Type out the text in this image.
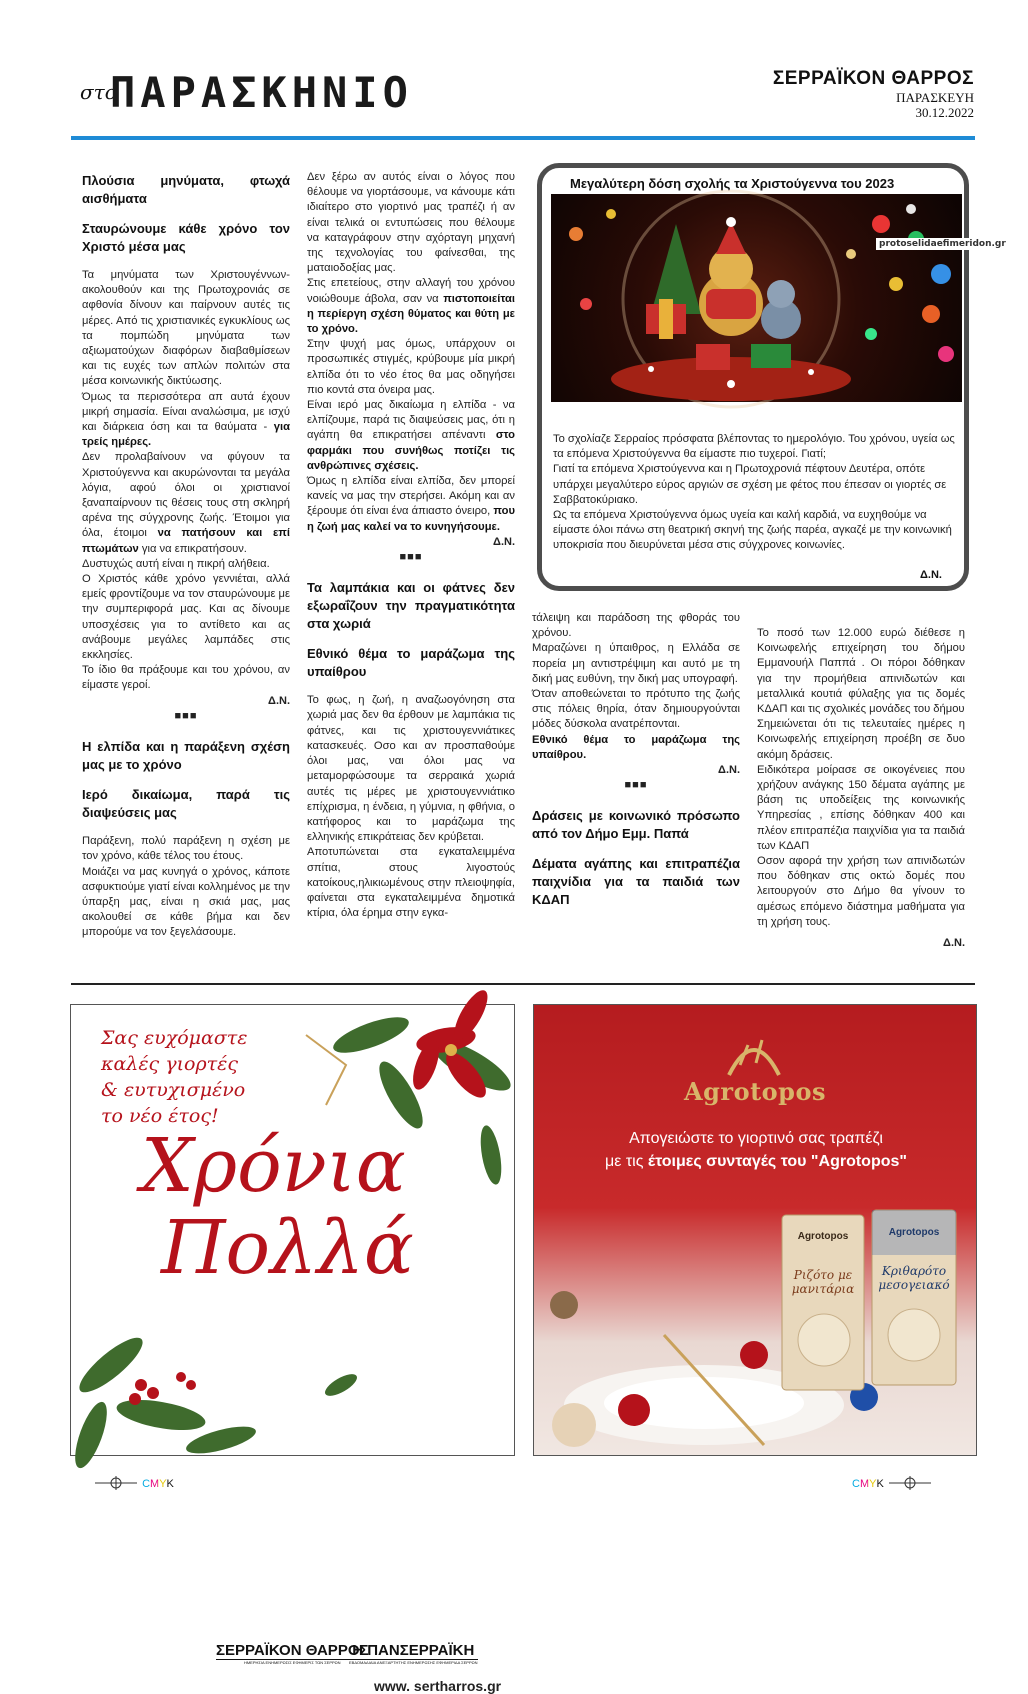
στο
ΠΑΡΑΣΚΗΝΙΟ	ΣΕΡΡΑΪΚΟΝ ΘΑΡΡΟΣ
ΠΑΡΑΣΚΕΥΗ
30.12.2022

Πλούσια μηνύματα, φτωχά αισθήματα

Σταυρώνουμε κάθε χρόνο τον Χριστό μέσα μας

Τα μηνύματα των Χριστουγέννων- ακολουθούν και της Πρωτοχρονιάς σε αφθονία δίνουν και παίρνουν αυτές τις μέρες. Από τις χριστιανικές εγκυκλίους ως τα πομπώδη μηνύματα των αξιωματούχων διαφόρων διαβαθμίσεων και τις ευχές των απλών πολιτών στα μέσα κοινωνικής δικτύωσης.

Όμως τα περισσότερα απ αυτά έχουν μικρή σημασία. Είναι αναλώσιμα, με ισχύ και διάρκεια όση και τα θαύματα - για τρείς ημέρες.

Δεν προλαβαίνουν να φύγουν τα Χριστούγεννα και ακυρώνονται τα μεγάλα λόγια, αφού όλοι οι χριστιανοί ξαναπαίρνουν τις θέσεις τους στη σκληρή αρένα της σύγχρονης ζωής. Έτοιμοι για όλα, έτοιμοι να πατήσουν και επί πτωμάτων για να επικρατήσουν.

Δυστυχώς αυτή είναι η πικρή αλήθεια.

Ο Χριστός κάθε χρόνο γεννιέται, αλλά εμείς φροντίζουμε να τον σταυρώνουμε με την συμπεριφορά μας. Και ας δίνουμε υποσχέσεις για το αντίθετο και ας ανάβουμε μεγάλες λαμπάδες στις εκκλησίες.

Το ίδιο θα πράξουμε και του χρόνου, αν είμαστε γεροί.

Δ.Ν.

■■■

Η ελπίδα και η παράξενη σχέση μας με το χρόνο

Ιερό δικαίωμα, παρά τις διαψεύσεις μας

Παράξενη, πολύ παράξενη η σχέση με τον χρόνο, κάθε τέλος του έτους.

Μοιάζει να μας κυνηγά ο χρόνος, κάποτε ασφυκτιούμε γιατί είναι κολλημένος με την ύπαρξη μας, είναι η σκιά μας, μας ακολουθεί σε κάθε βήμα και δεν μπορούμε να τον ξεγελάσουμε.

Δεν ξέρω αν αυτός είναι ο λόγος που θέλουμε να γιορτάσουμε, να κάνουμε κάτι ιδιαίτερο στο γιορτινό μας τραπέζι ή αν είναι τελικά οι εντυπώσεις που θέλουμε να καταγράφουν στην αχόρταγη μηχανή της τεχνολογίας του φαίνεσθαι, της ματαιοδοξίας μας.

Στις επετείους, στην αλλαγή του χρόνου νοιώθουμε άβολα, σαν να πιστοποιείται η περίεργη σχέση θύματος και θύτη με το χρόνο.

Στην ψυχή μας όμως, υπάρχουν οι προσωπικές στιγμές, κρύβουμε μία μικρή ελπίδα ότι το νέο έτος θα μας οδηγήσει πιο κοντά στα όνειρα μας.

Είναι ιερό μας δικαίωμα η ελπίδα - να ελπίζουμε, παρά τις διαψεύσεις μας, ότι η αγάπη θα επικρατήσει απέναντι στο φαρμάκι που συνήθως ποτίζει τις ανθρώπινες σχέσεις.

Όμως η ελπίδα είναι ελπίδα, δεν μπορεί κανείς να μας την στερήσει. Ακόμη και αν ξέρουμε ότι είναι ένα άπιαστο όνειρο, που η ζωή μας καλεί να το κυνηγήσουμε.

Δ.Ν.

■■■

Τα λαμπάκια και οι φάτνες δεν εξωραΐζουν την πραγματικότητα στα χωριά

Εθνικό θέμα το μαράζωμα της υπαίθρου

Το φως, η ζωή, η αναζωογόνηση στα χωριά μας δεν θα έρθουν με λαμπάκια τις φάτνες, και τις χριστουγεννιάτικες κατασκευές. Οσο και αν προσπαθούμε όλοι μας, ναι όλοι μας να μεταμορφώσουμε τα σερραικά χωριά αυτές τις μέρες με χριστουγεννιάτικο επίχρισμα, η ένδεια, η γύμνια, η φθήνια, ο κατήφορος και το μαράζωμα της ελληνικής επικράτειας δεν κρύβεται.

Αποτυπώνεται στα εγκαταλειμμένα σπίτια, στους λιγοστούς κατοίκους,ηλικιωμένους στην πλειοψηφία, φαίνεται στα εγκαταλειμμένα δημοτικά κτίρια, όλα έρημα στην εγκα-

τάλειψη και παράδοση της φθοράς του χρόνου.

Μαραζώνει η ύπαιθρος, η Ελλάδα σε πορεία μη αντιστρέψιμη και αυτό με τη δική μας ευθύνη, την δική μας υπογραφή.

Όταν αποθεώνεται το πρότυπο της ζωής στις πόλεις θηρία, όταν δημιουργούνται μόδες δύσκολα ανατρέπονται.

Εθνικό θέμα το μαράζωμα της υπαίθρου.

Δ.Ν.

■■■

Δράσεις με κοινωνικό πρόσωπο από τον Δήμο Εμμ. Παπά

Δέματα αγάπης και επιτραπέζια παιχνίδια για τα παιδιά των ΚΔΑΠ

Το ποσό των 12.000 ευρώ διέθεσε η Κοινωφελής επιχείρηση του δήμου Εμμανουήλ Παππά . Οι πόροι δόθηκαν για την προμήθεια απινιδωτών και μεταλλικά κουτιά φύλαξης για τις δομές ΚΔΑΠ και τις σχολικές μονάδες του δήμου

Σημειώνεται ότι τις τελευταίες ημέρες η Κοινωφελής επιχείρηση προέβη σε δυο ακόμη δράσεις.

Ειδικότερα μοίρασε σε οικογένειες που χρήζουν ανάγκης 150 δέματα αγάπης με βάση τις υποδείξεις της κοινωνικής Υπηρεσίας , επίσης δόθηκαν 400 και πλέον επιτραπέζια παιχνίδια για τα παιδιά των ΚΔΑΠ

Οσον αφορά την χρήση των απινιδωτών που δόθηκαν στις οκτώ δομές που λειτουργούν στο Δήμο θα γίνουν το αμέσως επόμενο διάστημα μαθήματα για τη χρήση τους.

Δ.Ν.

Μεγαλύτερη δόση σχολής τα Χριστούγεννα του 2023
protoselidaefimeridon.gr

Το σχολίαζε Σερραίος πρόσφατα βλέποντας το ημερολόγιο. Του χρόνου, υγεία ως τα επόμενα Χριστούγεννα θα είμαστε πιο τυχεροί. Γιατί;

Γιατί τα επόμενα Χριστούγεννα και η Πρωτοχρονιά πέφτουν Δευτέρα, οπότε υπάρχει μεγαλύτερο εύρος αργιών σε σχέση με φέτος που έπεσαν οι γιορτές σε Σαββατοκύριακο.

Ως τα επόμενα Χριστούγεννα όμως υγεία και καλή καρδιά, να ευχηθούμε να είμαστε όλοι πάνω στη θεατρική σκηνή της ζωής παρέα, αγκαζέ με την κοινωνική υποκρισία που διευρύνεται μέσα στις σύγχρονες κοινωνίες.

Δ.Ν.
Σας ευχόμαστε
καλές γιορτές
& ευτυχισμένο
το νέο έτος!
Χρόνια
Πολλά
ΣΕΡΡΑΪΚΟΝ ΘΑΡΡΟΣ
ΗΜΕΡΗΣΙΑ ΕΝΗΜΕΡΩΣΙΣ ΕΦΗΜΕΡΙΣ ΤΩΝ ΣΕΡΡΩΝ
Η ΠΑΝΣΕΡΡΑΪΚΗ
ΕΒΔΟΜΑΔΙΑΙΑ ΑΝΕΞΑΡΤΗΤΗΣ ΕΝΗΜΕΡΩΣΗΣ ΕΦΗΜΕΡΙΔΑ ΣΕΡΡΩΝ
www. sertharros.gr
Agrotopos
Απογειώστε το γιορτινό σας τραπέζι
με τις έτοιμες συνταγές του "Agrotopos"
Agrotopos
Ριζότο με
μανιτάρια
Agrotopos
Κριθαρότο
μεσογειακό
CMYK	CMYK
